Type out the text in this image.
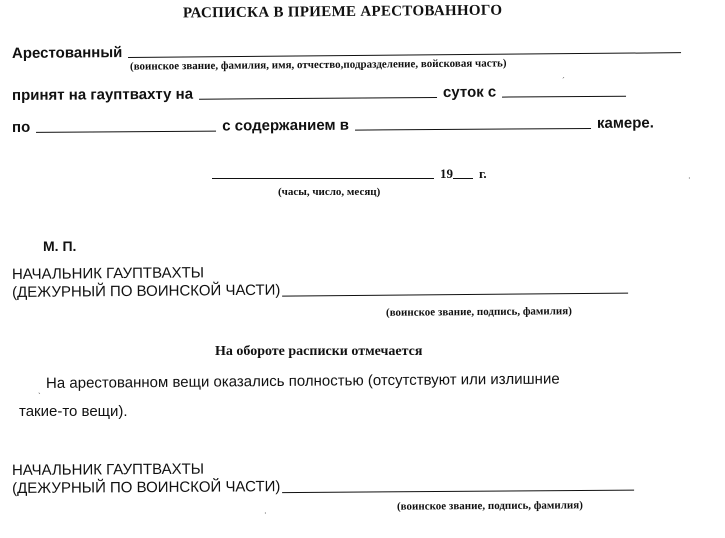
РАСПИСКА В ПРИЕМЕ АРЕСТОВАННОГО
Арестованный
(воинское звание, фамилия, имя, отчество,подразделение, войсковая часть)
принят на гауптвахту на	суток с
по	с содержанием в	камере.
19 г.
(часы, число, месяц)
М. П.
НАЧАЛЬНИК ГАУПТВАХТЫ
(ДЕЖУРНЫЙ ПО ВОИНСКОЙ ЧАСТИ)
(воинское звание, подпись, фамилия)
На обороте расписки отмечается
На арестованном вещи оказались полностью (отсутствуют или излишние
такие-то вещи).
НАЧАЛЬНИК ГАУПТВАХТЫ
(ДЕЖУРНЫЙ ПО ВОИНСКОЙ ЧАСТИ)
(воинское звание, подпись, фамилия)
ˊ
ˏ
·
·
